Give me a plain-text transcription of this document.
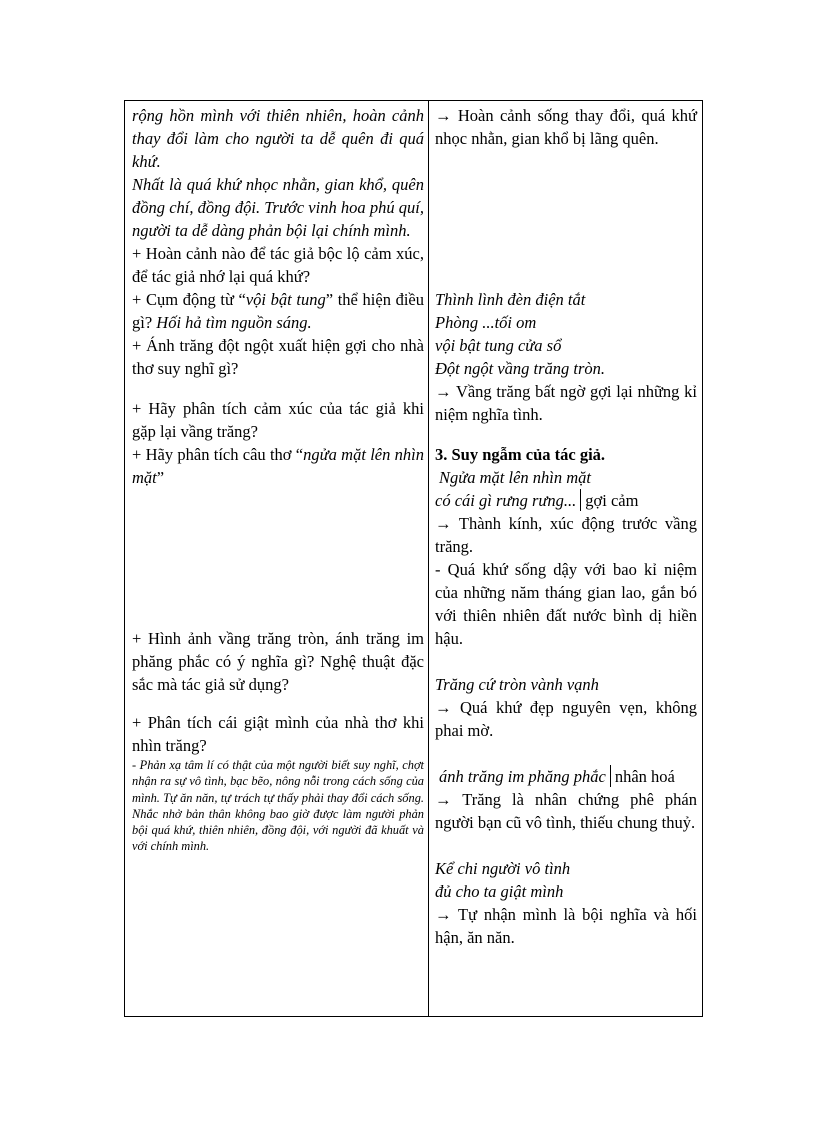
rộng hồn mình với thiên nhiên, hoàn cảnh thay đổi làm cho người ta dễ quên đi quá khứ.

Nhất là quá khứ nhọc nhằn, gian khổ, quên đồng chí, đồng đội. Trước vinh hoa phú quí, người ta dễ dàng phản bội lại chính mình.

+ Hoàn cảnh nào để tác giả bộc lộ cảm xúc, để tác giả nhớ lại quá khứ?

+ Cụm động từ “vội bật tung” thể hiện điều gì? Hối hả tìm nguồn sáng.

+ Ánh trăng đột ngột xuất hiện gợi cho nhà thơ suy nghĩ gì?

+ Hãy phân tích cảm xúc của tác giả khi gặp lại vầng trăng?

+ Hãy phân tích câu thơ “ngửa mặt lên nhìn mặt”

+ Hình ảnh vầng trăng tròn, ánh trăng im phăng phắc có ý nghĩa gì? Nghệ thuật đặc sắc mà tác giả sử dụng?

+ Phân tích cái giật mình của nhà thơ khi nhìn trăng?

- Phản xạ tâm lí có thật của một người biết suy nghĩ, chợt nhận ra sự vô tình, bạc bẽo, nông nỗi trong cách sống của mình. Tự ăn năn, tự trách tự thấy phải thay đổi cách sống. Nhắc nhở bản thân không bao giờ được làm người phản bội quá khứ, thiên nhiên, đồng đội, với người đã khuất và với chính mình.

→ Hoàn cảnh sống thay đổi, quá khứ nhọc nhằn, gian khổ bị lãng quên.

Thình lình đèn điện tắt

Phòng ...tối om

vội bật tung cửa sổ

Đột ngột vầng trăng tròn.

→ Vầng trăng bất ngờ gợi lại những kỉ niệm nghĩa tình.

3. Suy ngẫm của tác giả.

Ngửa mặt lên nhìn mặt

có cái gì rưng rưng... gợi cảm

→ Thành kính, xúc động trước vầng trăng.

- Quá khứ sống dậy với bao kỉ niệm của những năm tháng gian lao, gắn bó với thiên nhiên đất nước bình dị hiền hậu.

Trăng cứ tròn vành vạnh

→ Quá khứ đẹp nguyên vẹn, không phai mờ.

ánh trăng im phăng phắc nhân hoá

→ Trăng là nhân chứng phê phán người bạn cũ vô tình, thiếu chung thuỷ.

Kể chi người vô tình

đủ cho ta giật mình

→ Tự nhận mình là bội nghĩa và hối hận, ăn năn.
